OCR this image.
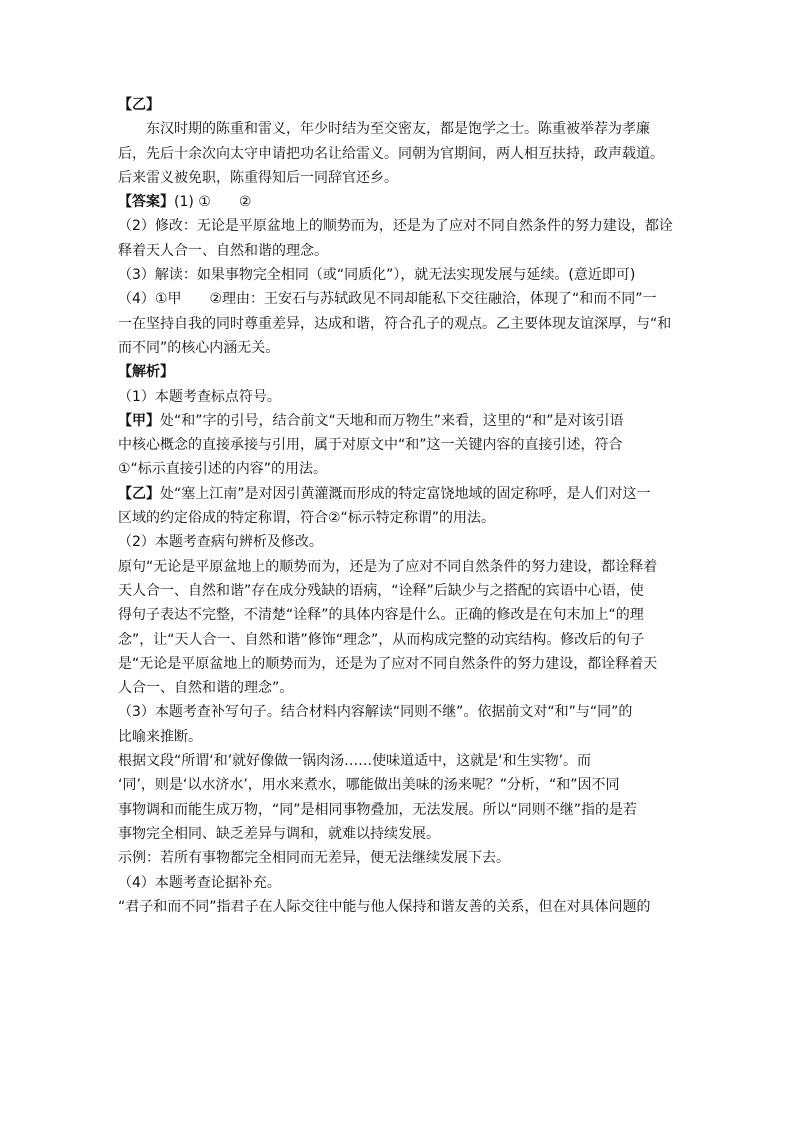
【乙】
东汉时期的陈重和雷义，年少时结为至交密友，都是饱学之士。陈重被举荐为孝廉
后，先后十余次向太守申请把功名让给雷义。同朝为官期间，两人相互扶持，政声载道。
后来雷义被免职，陈重得知后一同辞官还乡。
【答案】(1) ①　　②
（2）修改：无论是平原盆地上的顺势而为，还是为了应对不同自然条件的努力建设，都诠
释着天人合一、自然和谐的理念。
（3）解读：如果事物完全相同（或“同质化”），就无法实现发展与延续。(意近即可)
（4）①甲　　②理由：王安石与苏轼政见不同却能私下交往融洽，体现了“和而不同”一
一在坚持自我的同时尊重差异，达成和谐，符合孔子的观点。乙主要体现友谊深厚，与“和
而不同”的核心内涵无关。
【解析】
（1）本题考查标点符号。
【甲】处“和”字的引号，结合前文“天地和而万物生”来看，这里的“和”是对该引语
中核心概念的直接承接与引用，属于对原文中“和”这一关键内容的直接引述，符合
①“标示直接引述的内容”的用法。
【乙】处“塞上江南”是对因引黄灌溉而形成的特定富饶地域的固定称呼，是人们对这一
区域的约定俗成的特定称谓，符合②“标示特定称谓”的用法。
（2）本题考查病句辨析及修改。
原句“无论是平原盆地上的顺势而为，还是为了应对不同自然条件的努力建设，都诠释着
天人合一、自然和谐”存在成分残缺的语病，“诠释”后缺少与之搭配的宾语中心语，使
得句子表达不完整，不清楚“诠释”的具体内容是什么。正确的修改是在句末加上“的理
念”，让“天人合一、自然和谐”修饰“理念”，从而构成完整的动宾结构。修改后的句子
是“无论是平原盆地上的顺势而为，还是为了应对不同自然条件的努力建设，都诠释着天
人合一、自然和谐的理念”。
（3）本题考查补写句子。结合材料内容解读“同则不继”。依据前文对“和”与“同”的
比喻来推断。
根据文段“所谓‘和’就好像做一锅肉汤……使味道适中，这就是‘和生实物’。而
‘同’，则是‘以水济水’，用水来煮水，哪能做出美味的汤来呢？”分析，“和”因不同
事物调和而能生成万物，“同”是相同事物叠加，无法发展。所以“同则不继”指的是若
事物完全相同、缺乏差异与调和，就难以持续发展。
示例：若所有事物都完全相同而无差异，便无法继续发展下去。
（4）本题考查论据补充。
“君子和而不同”指君子在人际交往中能与他人保持和谐友善的关系，但在对具体问题的
